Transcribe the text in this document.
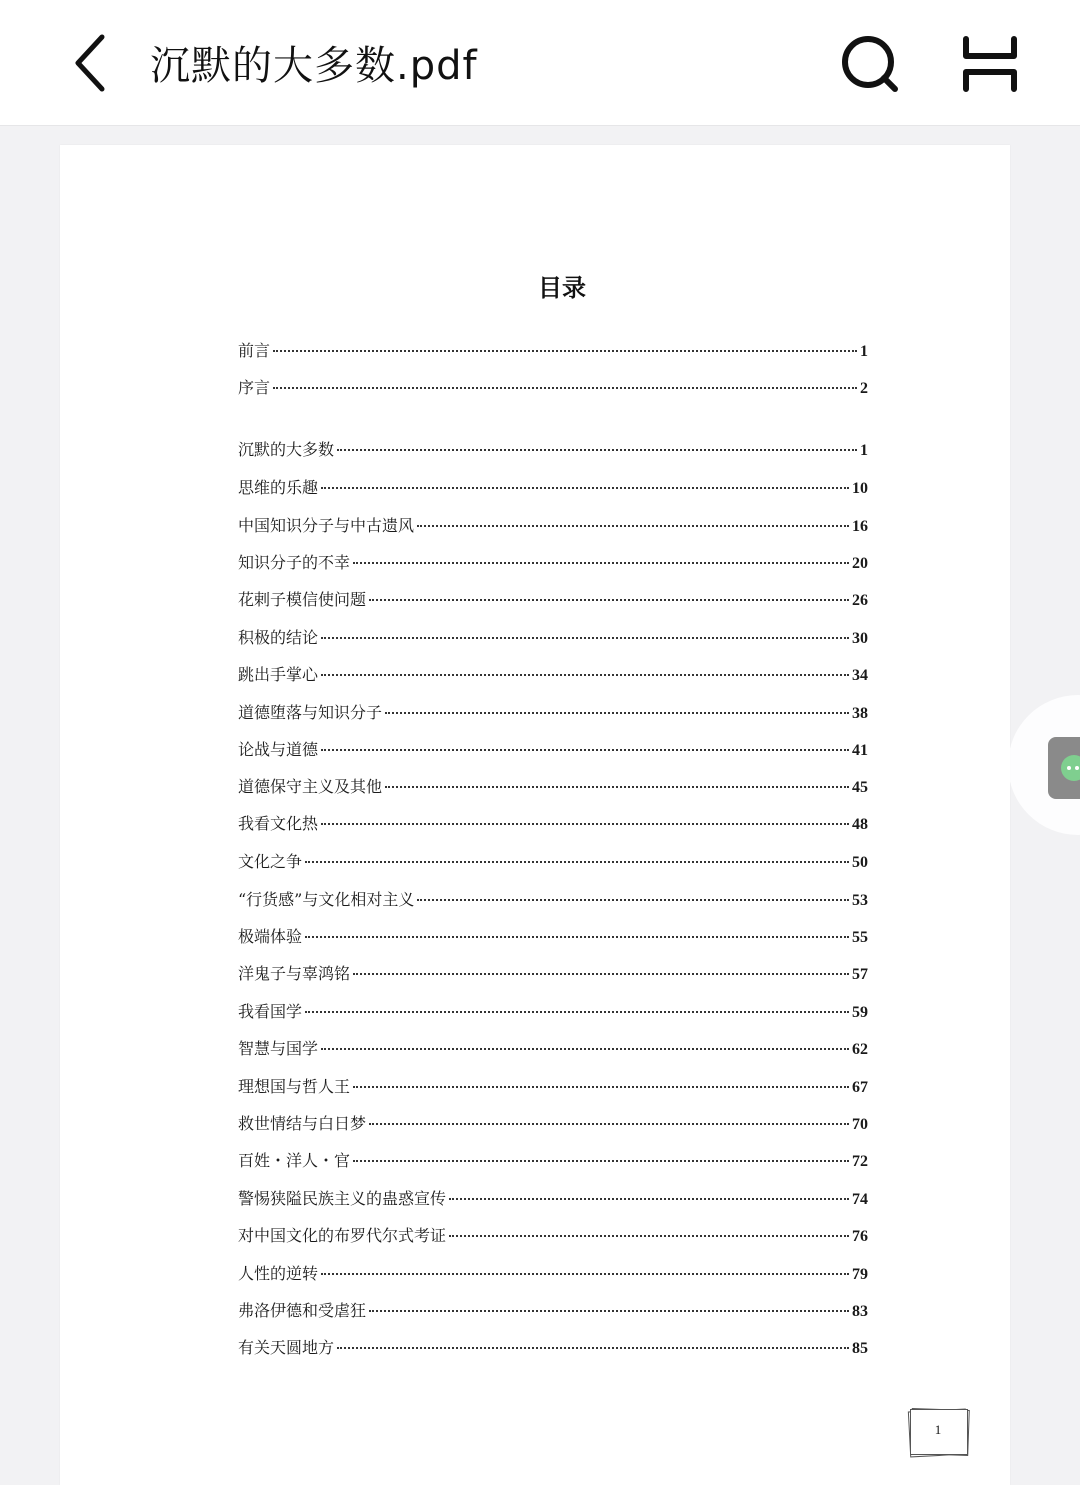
沉默的大多数.pdf
目录
前言	1
序言	2
沉默的大多数	1
思维的乐趣	10
中国知识分子与中古遗风	16
知识分子的不幸	20
花剌子模信使问题	26
积极的结论	30
跳出手掌心	34
道德堕落与知识分子	38
论战与道德	41
道德保守主义及其他	45
我看文化热	48
文化之争	50
“行货感”与文化相对主义	53
极端体验	55
洋鬼子与辜鸿铭	57
我看国学	59
智慧与国学	62
理想国与哲人王	67
救世情结与白日梦	70
百姓・洋人・官	72
警惕狭隘民族主义的蛊惑宣传	74
对中国文化的布罗代尔式考证	76
人性的逆转	79
弗洛伊德和受虐狂	83
有关天圆地方	85
1
